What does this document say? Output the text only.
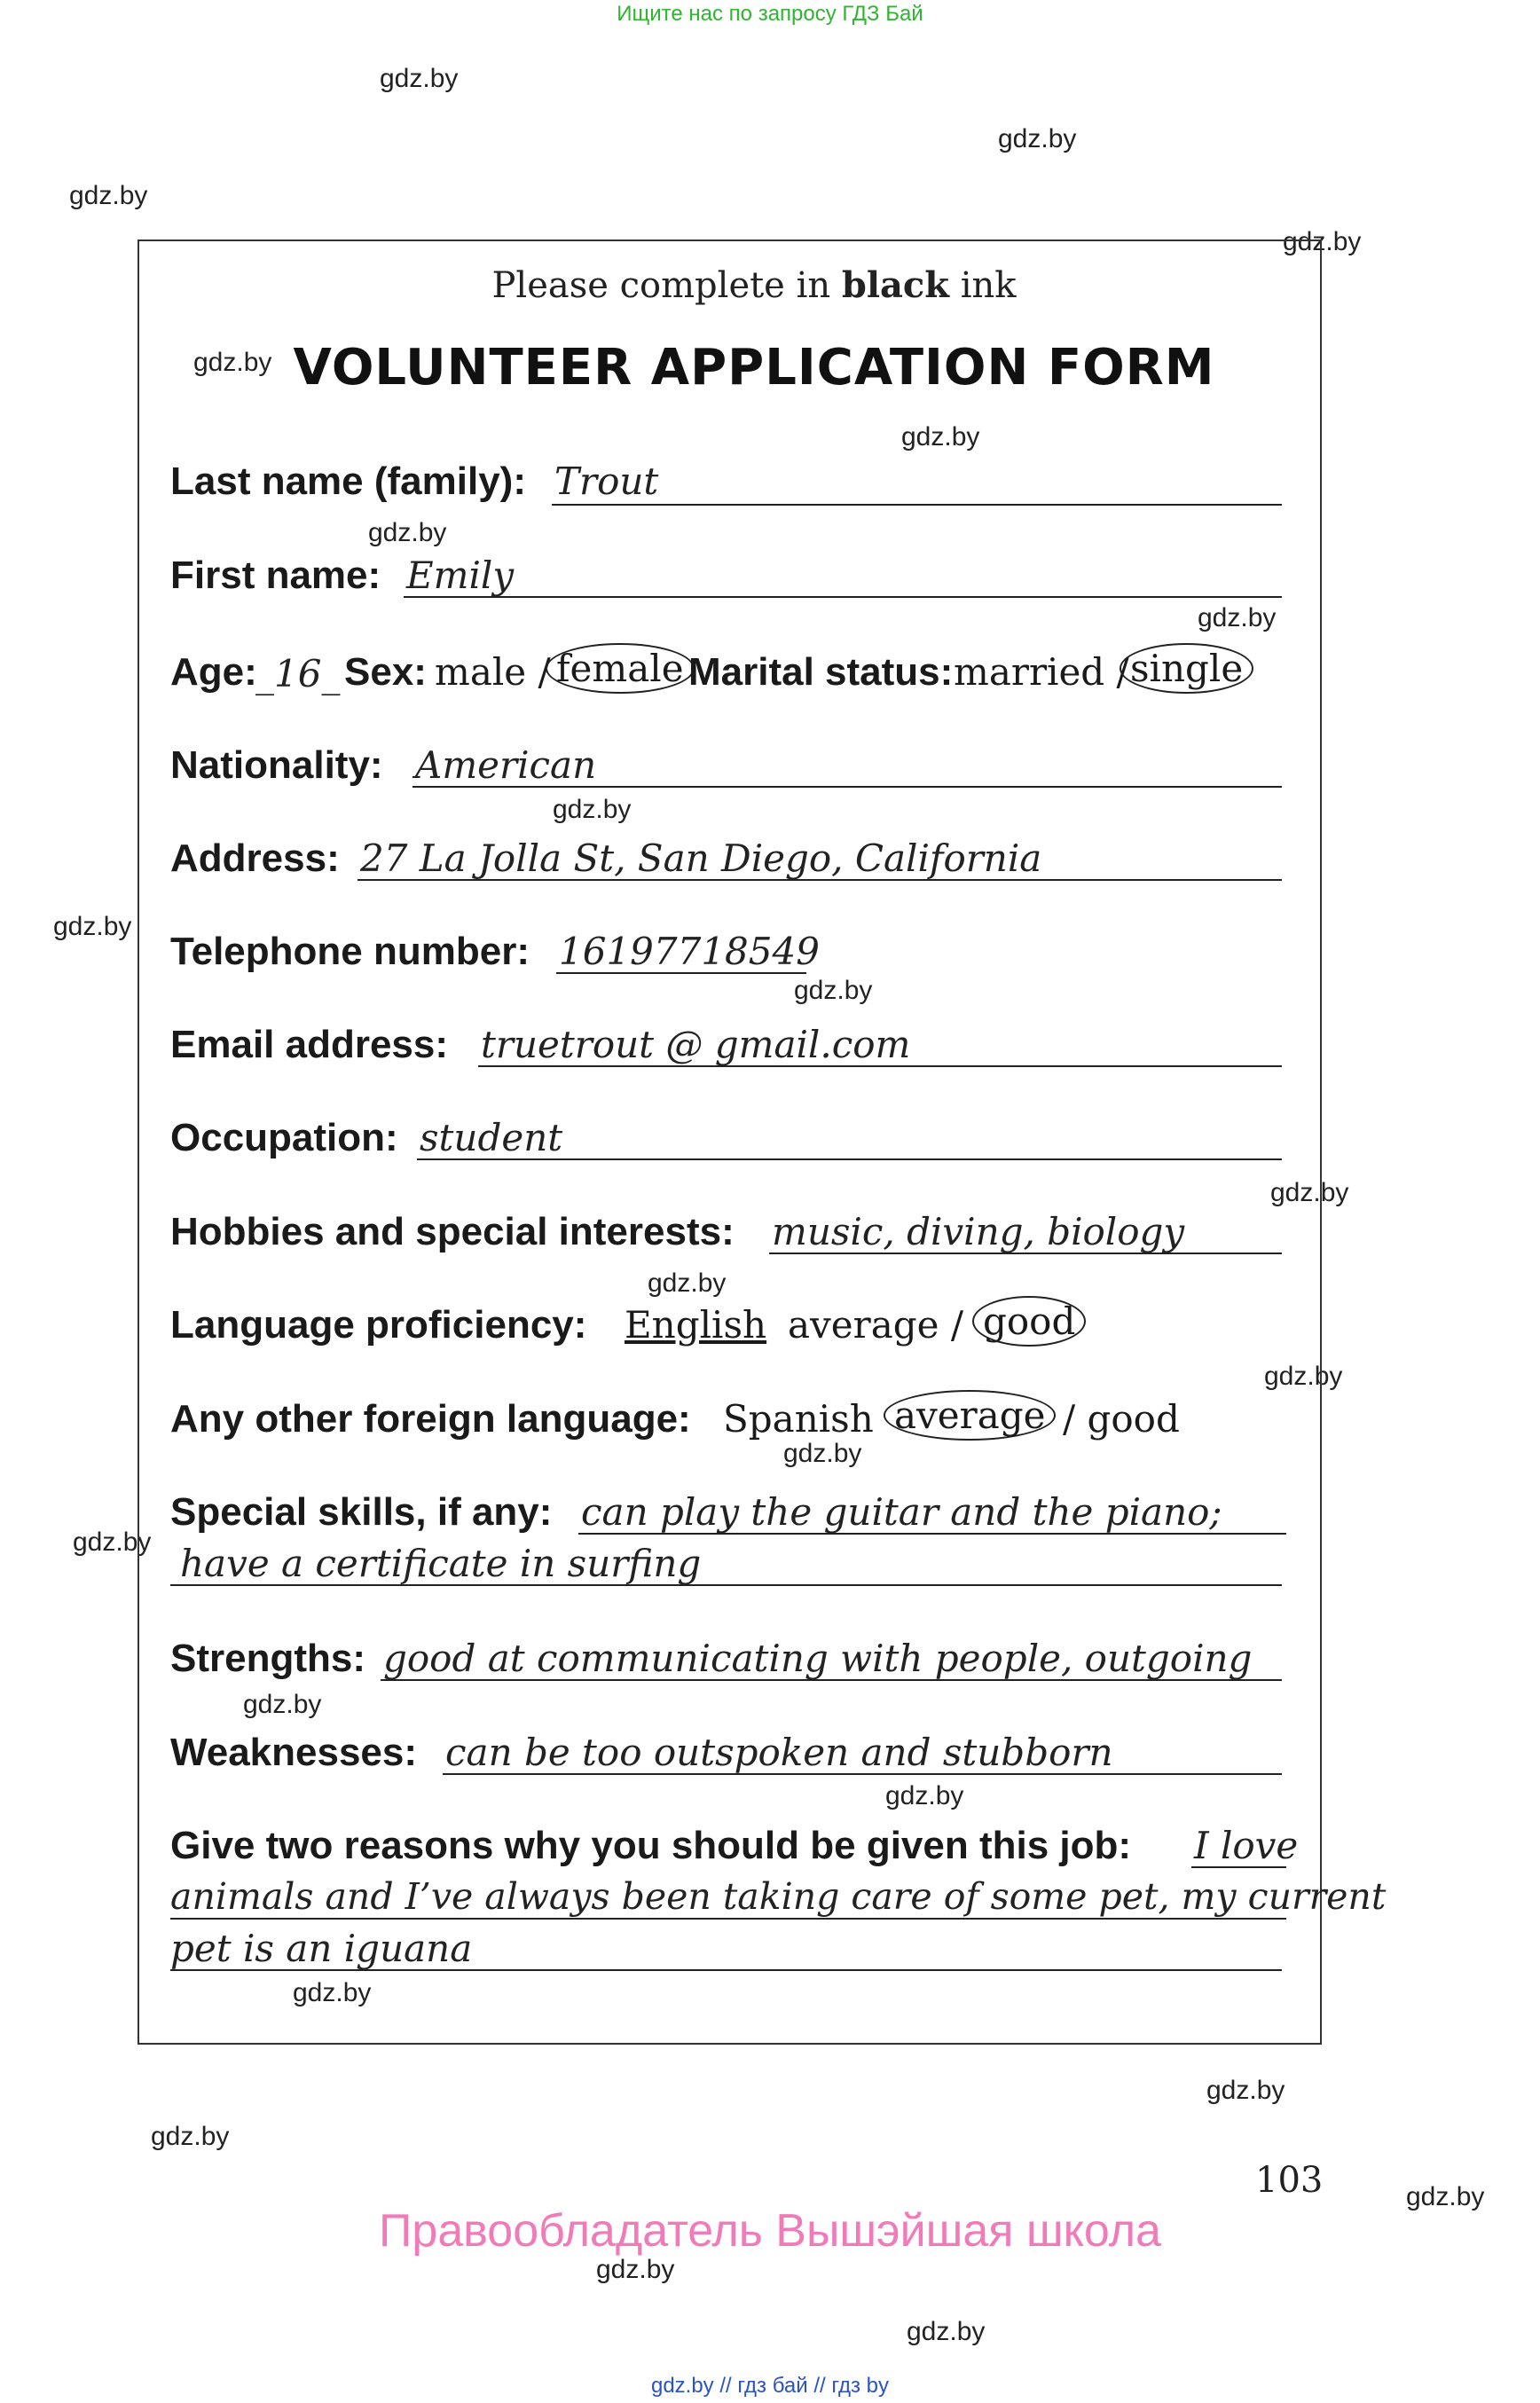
Ищите нас по запросу ГДЗ Бай
gdz.by
gdz.by
gdz.by
gdz.by
gdz.by
gdz.by
gdz.by
gdz.by
gdz.by
gdz.by
gdz.by
gdz.by
gdz.by
gdz.by
gdz.by
gdz.by
gdz.by
gdz.by
gdz.by
gdz.by
gdz.by
gdz.by
gdz.by
gdz.by
Please complete in black ink
VOLUNTEER APPLICATION FORM
Last name (family): Trout
First name: Emily
Age:
_16_ Sex: male / female Marital status: married / single
Nationality: American
Address: 27 La Jolla St, San Diego, California
Telephone number: 16197718549
Email address: truetrout @ gmail.com
Occupation: student
Hobbies and special interests: music, diving, biology
Language proficiency: English average / good
Any other foreign language: Spanish average / good
Special skills, if any: can play the guitar and the piano;
have a certificate in surfing
Strengths: good at communicating with people, outgoing
Weaknesses: can be too outspoken and stubborn
Give two reasons why you should be given this job: I love
animals and I’ve always been taking care of some pet, my current
pet is an iguana
103
Правообладатель Вышэйшая школа
gdz.by // гдз бай // гдз by
